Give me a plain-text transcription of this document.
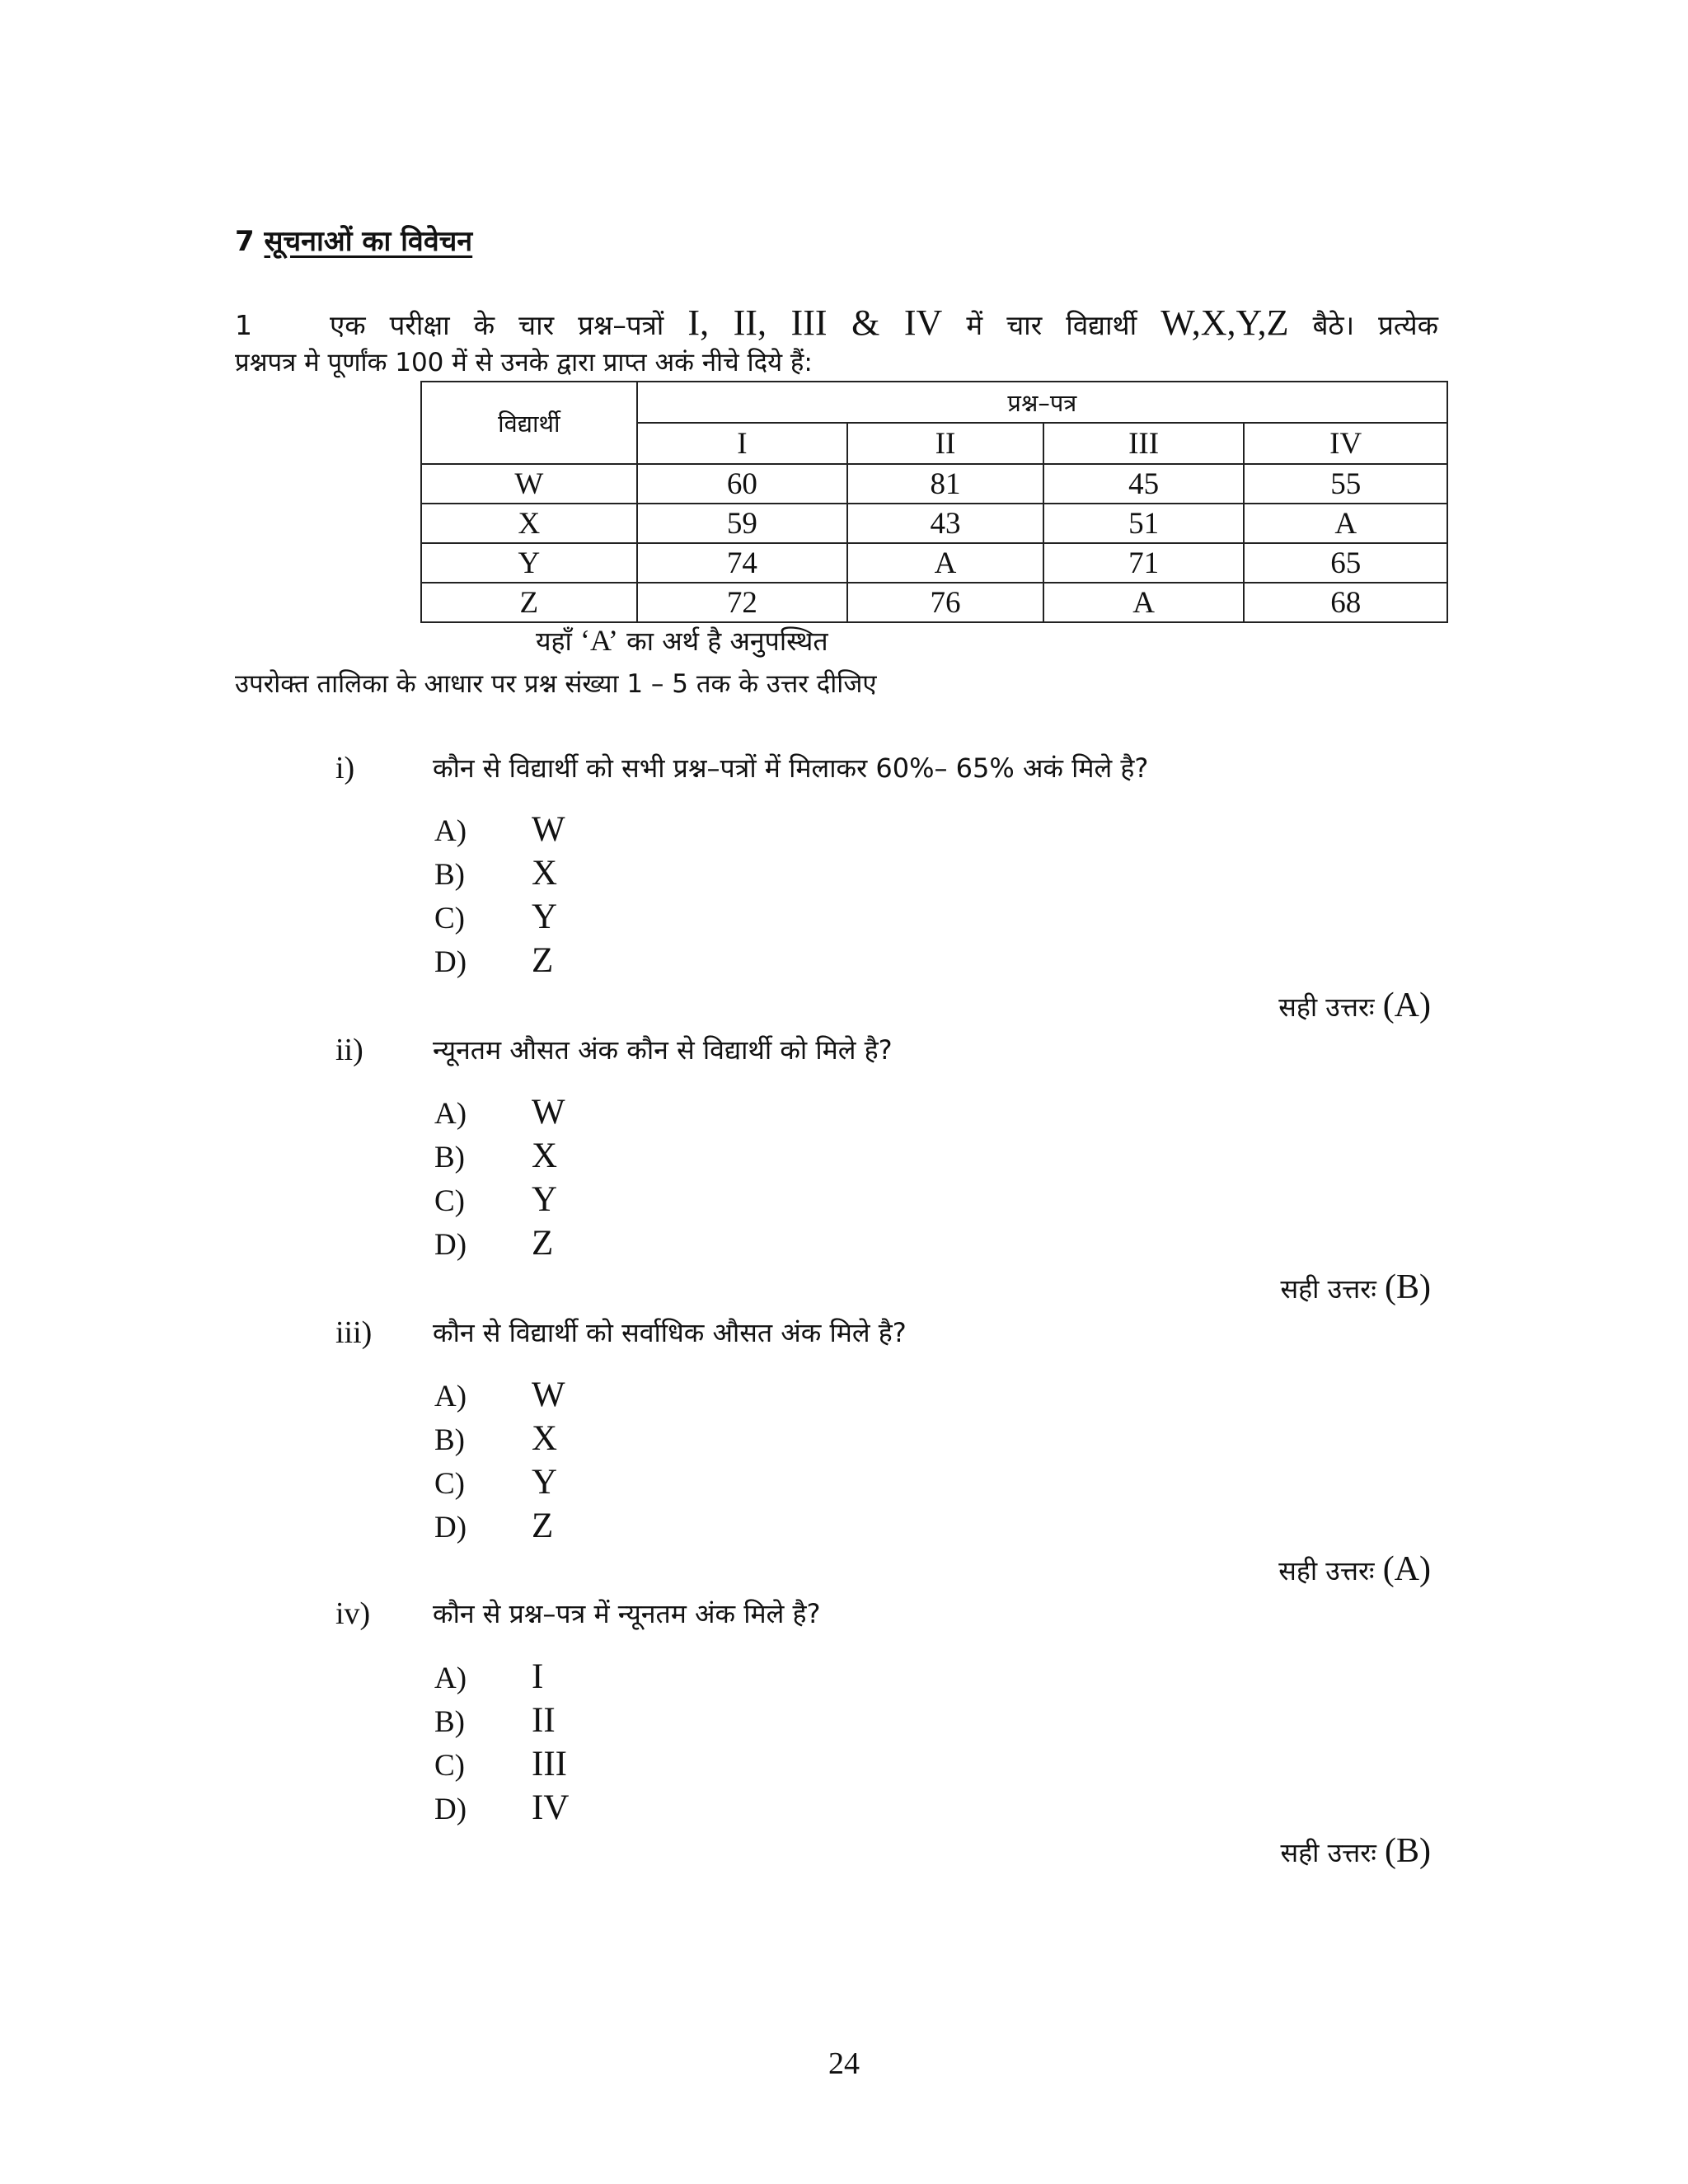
7 सूचनाओं का विवेचन
1	एक परीक्षा के चार प्रश्न–पत्रों I, II, III & IV में चार विद्यार्थी W,X,Y,Z बैठे। प्रत्येक
प्रश्नपत्र मे पूर्णांक 100 में से उनके द्वारा प्राप्त अकं नीचे दिये हैं:
विद्यार्थी	प्रश्न–पत्र			
	I	II	III	IV
W	60	81	45	55
X	59	43	51	A
Y	74	A	71	65
Z	72	76	A	68
यहाँ ‘A’ का अर्थ है अनुपस्थित
उपरोक्त तालिका के आधार पर प्रश्न संख्या 1 – 5 तक के उत्तर दीजिए
i)	कौन से विद्यार्थी को सभी प्रश्न–पत्रों में मिलाकर 60%– 65% अकं मिले है?
A) W
B) X
C) Y
D) Z
सही उत्तरः (A)
ii)	न्यूनतम औसत अंक कौन से विद्यार्थी को मिले है?
A) W
B) X
C) Y
D) Z
सही उत्तरः (B)
iii) कौन से विद्यार्थी को सर्वाधिक औसत अंक मिले है?
A) W
B) X
C) Y
D) Z
सही उत्तरः (A)
iv) कौन से प्रश्न–पत्र में न्यूनतम अंक मिले है?
A) I
B) II
C) III
D) IV
सही उत्तरः (B)
24
